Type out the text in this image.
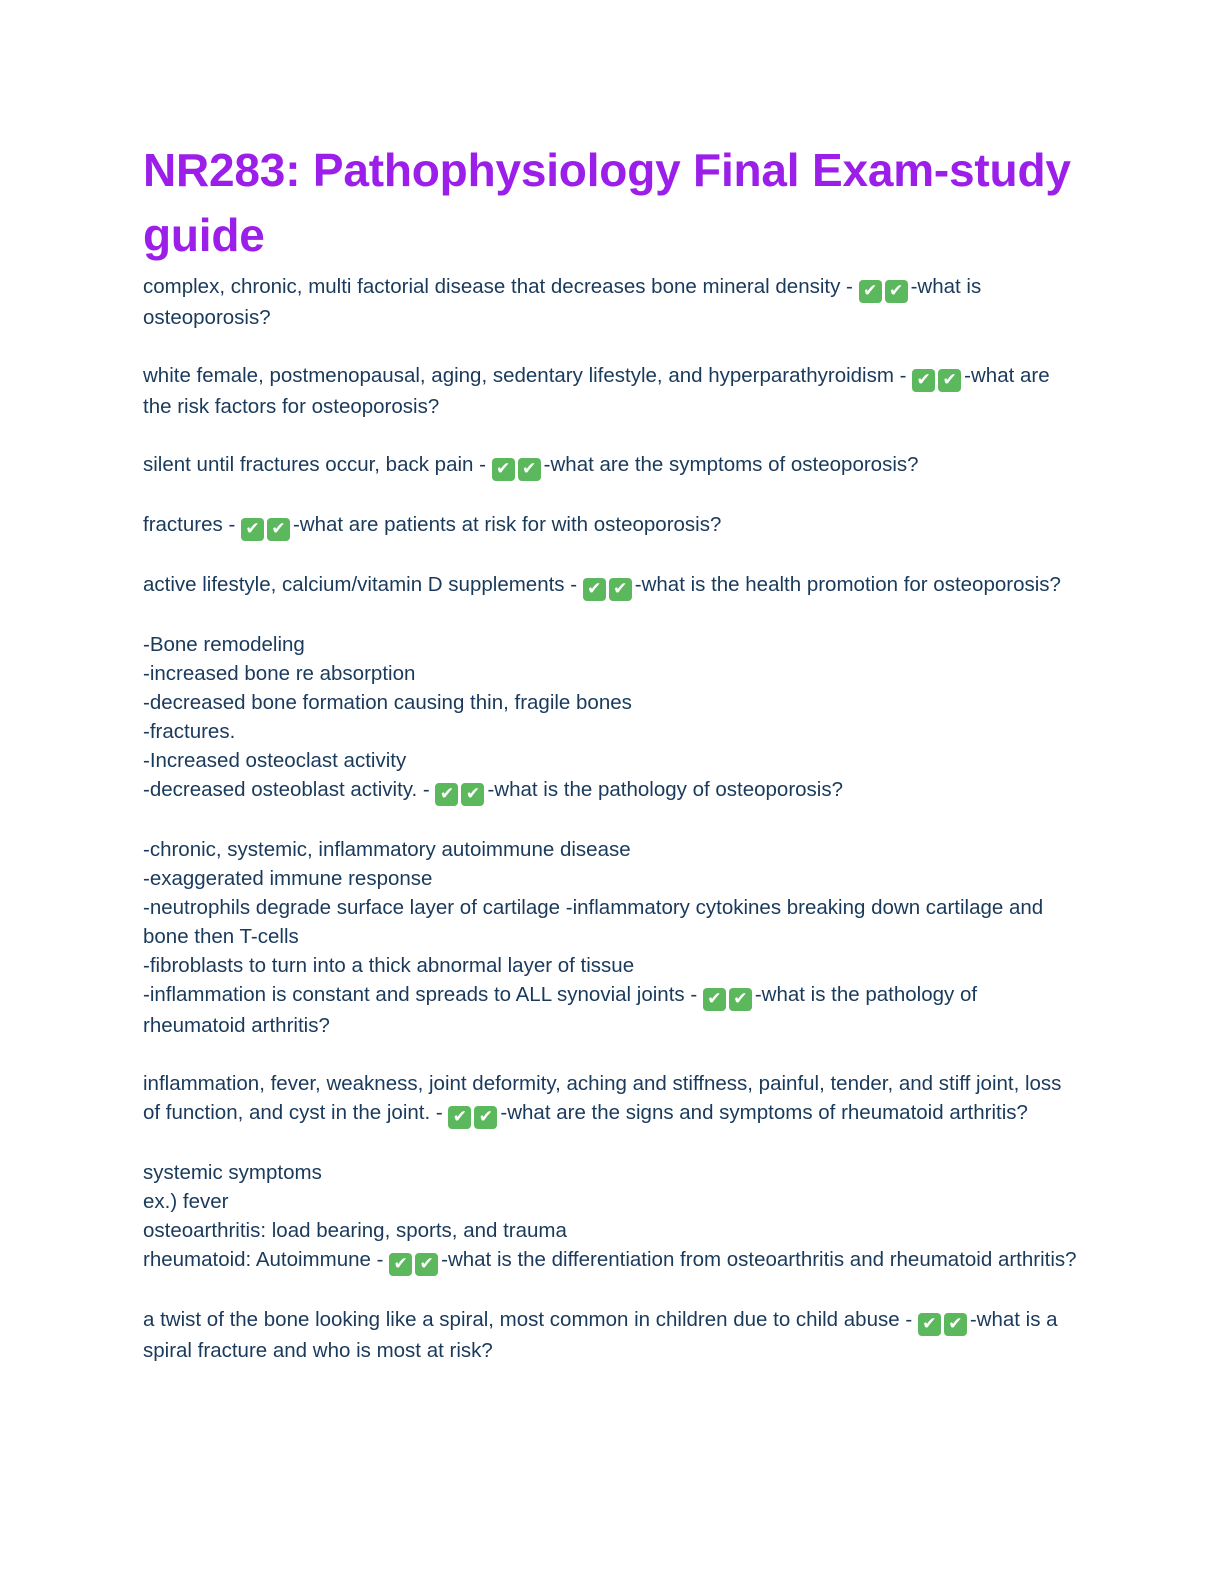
NR283: Pathophysiology Final Exam-study guide
complex, chronic, multi factorial disease that decreases bone mineral density - ✔ ✔ -what is osteoporosis?
white female, postmenopausal, aging, sedentary lifestyle, and hyperparathyroidism - ✔ ✔ -what are the risk factors for osteoporosis?
silent until fractures occur, back pain - ✔ ✔ -what are the symptoms of osteoporosis?
fractures - ✔ ✔ -what are patients at risk for with osteoporosis?
active lifestyle, calcium/vitamin D supplements - ✔ ✔ -what is the health promotion for osteoporosis?
-Bone remodeling
-increased bone re absorption
-decreased bone formation causing thin, fragile bones
-fractures.
-Increased osteoclast activity
-decreased osteoblast activity. - ✔ ✔ -what is the pathology of osteoporosis?
-chronic, systemic, inflammatory autoimmune disease
-exaggerated immune response
-neutrophils degrade surface layer of cartilage -inflammatory cytokines breaking down cartilage and bone then T-cells
-fibroblasts to turn into a thick abnormal layer of tissue
-inflammation is constant and spreads to ALL synovial joints - ✔ ✔ -what is the pathology of rheumatoid arthritis?
inflammation, fever, weakness, joint deformity, aching and stiffness, painful, tender, and stiff joint, loss of function, and cyst in the joint. - ✔ ✔ -what are the signs and symptoms of rheumatoid arthritis?
systemic symptoms
ex.) fever
osteoarthritis: load bearing, sports, and trauma
rheumatoid: Autoimmune - ✔ ✔ -what is the differentiation from osteoarthritis and rheumatoid arthritis?
a twist of the bone looking like a spiral, most common in children due to child abuse - ✔ ✔ -what is a spiral fracture and who is most at risk?
